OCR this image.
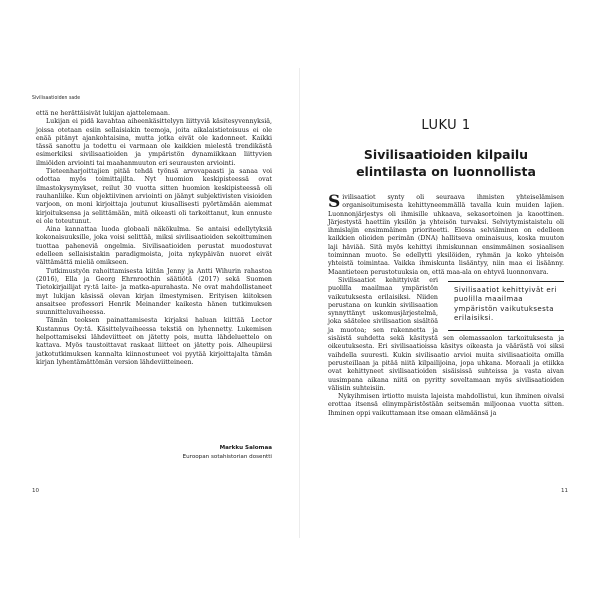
Sivilisaatioiden sade

että ne herättäisivät lukijan ajattelemaan.

Lukijan ei pidä kavahtaa aiheenkäsittelyyn liittyviä käsitesyvennyksiä, joissa otetaan esiin sellaisiakin teemoja, joita aikalaistietoisuus ei ole enää pitänyt ajankohtaisina, mutta jotka eivät ole kadonneet. Kaikki tässä sanottu ja todettu ei varmaan ole kaikkien mielestä trendikästä esimerkiksi sivilisaatioiden ja ympäristön dynamiikkaan liittyvien ilmiöiden arviointi tai maahanmuuton eri seurausten arviointi.

Tieteenharjoittajien pitää tehdä työnsä arvovapaasti ja sanaa voi odottaa myös toimittajilta. Nyt huomion keskipisteessä ovat ilmastokysymykset, reilut 30 vuotta sitten huomion keskipisteessä oli rauhanliike. Kun objektiivinen arviointi on jäänyt subjektivisten visioiden varjoon, on moni kirjoittaja joutunut kiusallisesti pyörtämään aiemmat kirjoituksensa ja selittämään, mitä oikeasti oli tarkoittanut, kun ennuste ei ole toteutunut.

Aina kannattaa luoda globaali näkökulma. Se antaisi edellytyksiä kokonaisuuksille, joka voisi selittää, miksi sivilisaatioiden sekoittuminen tuottaa paheneviä ongelmia. Sivilisaatioiden perustat muodostuvat edelleen sellaisistakin paradigmoista, joita nykypäivän nuoret eivät välttämättä mieliä omikseen.

Tutkimustyön rahoittamisesta kiitän Jenny ja Antti Wihurin rahastoa (2016), Ella ja Georg Ehrnroothin säätiötä (2017) sekä Suomen Tietokirjailijat ry:tä laite- ja matka-apurahasta. Ne ovat mahdollistaneet myt lukijan käsissä olevan kirjan ilmestymisen. Erityisen kiitoksen ansaitsee professori Henrik Meinander kaikesta hänen tutkimuksen suunnitteluvaiheessa.

Tämän teoksen painattamisesta kirjaksi haluan kiittää Lector Kustannus Oy:tä. Käsittelyvaiheessa tekstiä on lyhennetty. Lukemisen helpottamiseksi lähdeviitteet on jätetty pois, mutta lähdeluettelo on kattava. Myös taustoittavat raskaat liitteet on jätetty pois. Alheupiirsi jatkotutkimuksen kannalta kiinnostuneet voi pyytää kirjoittajalta tämän kirjan lyhentämättömän version lähdeviitteineen.

Markku Salomaa
Euroopan sotahistorian dosentti
10
LUKU 1
Sivilisaatioiden kilpailu
elintilasta on luonnollista

Sivilisaatiot synty oli seuraava ihmisten yhteiselämisen organisoitumisesta kehittyneemmällä tavalla kuin muiden lajien. Luonnonjärjestys oli ihmisille uhkaava, sekasortoinen ja kaoottinen. Järjestystä haettiin yksilön ja yhteisön turvaksi. Selviytymistaistelu oli ihmislajin ensimmäinen prioriteetti. Elossa selviäminen on edelleen kaikkien olioiden perimän (DNA) hallitseva ominaisuus, koska muuton laji häviää. Sitä myös kehittyi ihmiskunnan ensimmäinen sosiaalisen toiminnan muoto. Se edellytti yksilöiden, ryhmän ja koko yhteisön yhteistä toimintaa. Vaikka ihmiskunta lisääntyy, niin maa ei lisäänny. Maantieteen perustotuuksia on, että maa-ala on ehtyvä luonnonvara.

Sivilisaatiot kehittyivät eri puolilla maailmaa ympäristön vaikutuksesta erilaisiksi.

Sivilisaatiot kehittyivät eri puolilla maailmaa ympäristön vaikutuksesta erilaisiksi. Niiden perustana on kunkin sivilisaation synnyttänyt uskomusjärjestelmä, joka säätelee sivilisaation sisältöä ja muotoa; sen rakennetta ja sisäistä suhdetta sekä käsitystä sen olemassaolon tarkoituksesta ja oikeutuksesta. Eri sivilisaatioissa käsitys oikeasta ja väärästä voi siksi vaihdella suuresti. Kukin sivilisaatio arvioi muita sivilisaatioita omilla perusteillaan ja pitää niitä kilpailijoina, jopa uhkana. Moraali ja etiikka ovat kehittyneet sivilisaatioiden sisäisissä suhteissa ja vasta aivan uusimpana aikana niitä on pyritty soveltamaan myös sivilisaatioiden välisiin suhteisiin.

Nykyihmisen irtiotto muista lajeista mahdollistui, kun ihminen oivalsi erottaa itsensä elinympäristöstään seitsemän miljoonaa vuotta sitten. Ihminen oppi vaikuttamaan itse omaan elämäänsä ja

11
